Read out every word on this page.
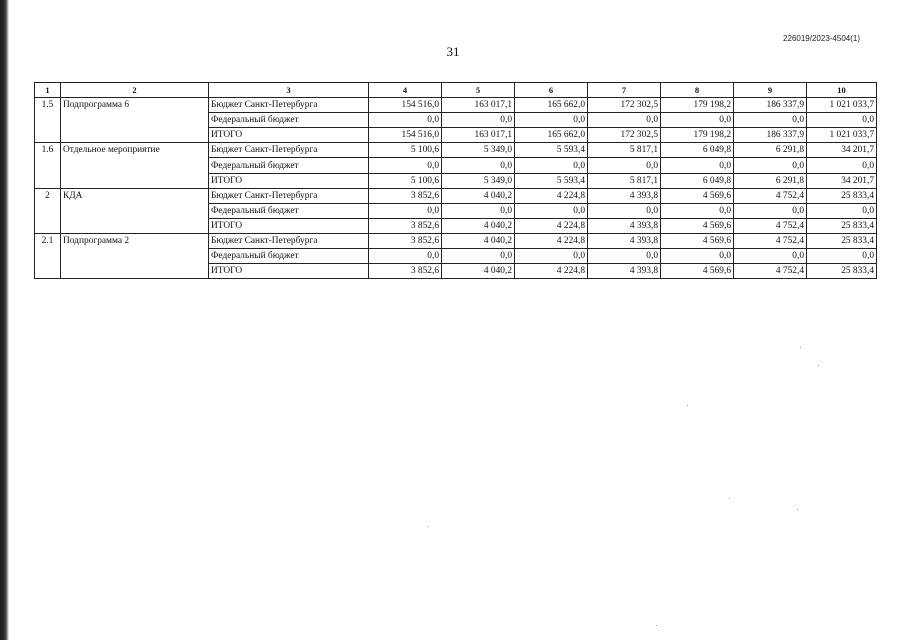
226019/2023-4504(1)
31
1	2	3	4	5	6	7	8	9	10
1.5	Подпрограмма 6	Бюджет Санкт-Петербурга	154 516,0	163 017,1	165 662,0	172 302,5	179 198,2	186 337,9	1 021 033,7
		Федеральный бюджет	0,0	0,0	0,0	0,0	0,0	0,0	0,0
		ИТОГО	154 516,0	163 017,1	165 662,0	172 302,5	179 198,2	186 337,9	1 021 033,7
1.6	Отдельное мероприятие	Бюджет Санкт-Петербурга	5 100,6	5 349,0	5 593,4	5 817,1	6 049,8	6 291,8	34 201,7
		Федеральный бюджет	0,0	0,0	0,0	0,0	0,0	0,0	0,0
		ИТОГО	5 100,6	5 349,0	5 593,4	5 817,1	6 049,8	6 291,8	34 201,7
2	КДА	Бюджет Санкт-Петербурга	3 852,6	4 040,2	4 224,8	4 393,8	4 569,6	4 752,4	25 833,4
		Федеральный бюджет	0,0	0,0	0,0	0,0	0,0	0,0	0,0
		ИТОГО	3 852,6	4 040,2	4 224,8	4 393,8	4 569,6	4 752,4	25 833,4
2.1	Подпрограмма 2	Бюджет Санкт-Петербурга	3 852,6	4 040,2	4 224,8	4 393,8	4 569,6	4 752,4	25 833,4
		Федеральный бюджет	0,0	0,0	0,0	0,0	0,0	0,0	0,0
		ИТОГО	3 852,6	4 040,2	4 224,8	4 393,8	4 569,6	4 752,4	25 833,4
